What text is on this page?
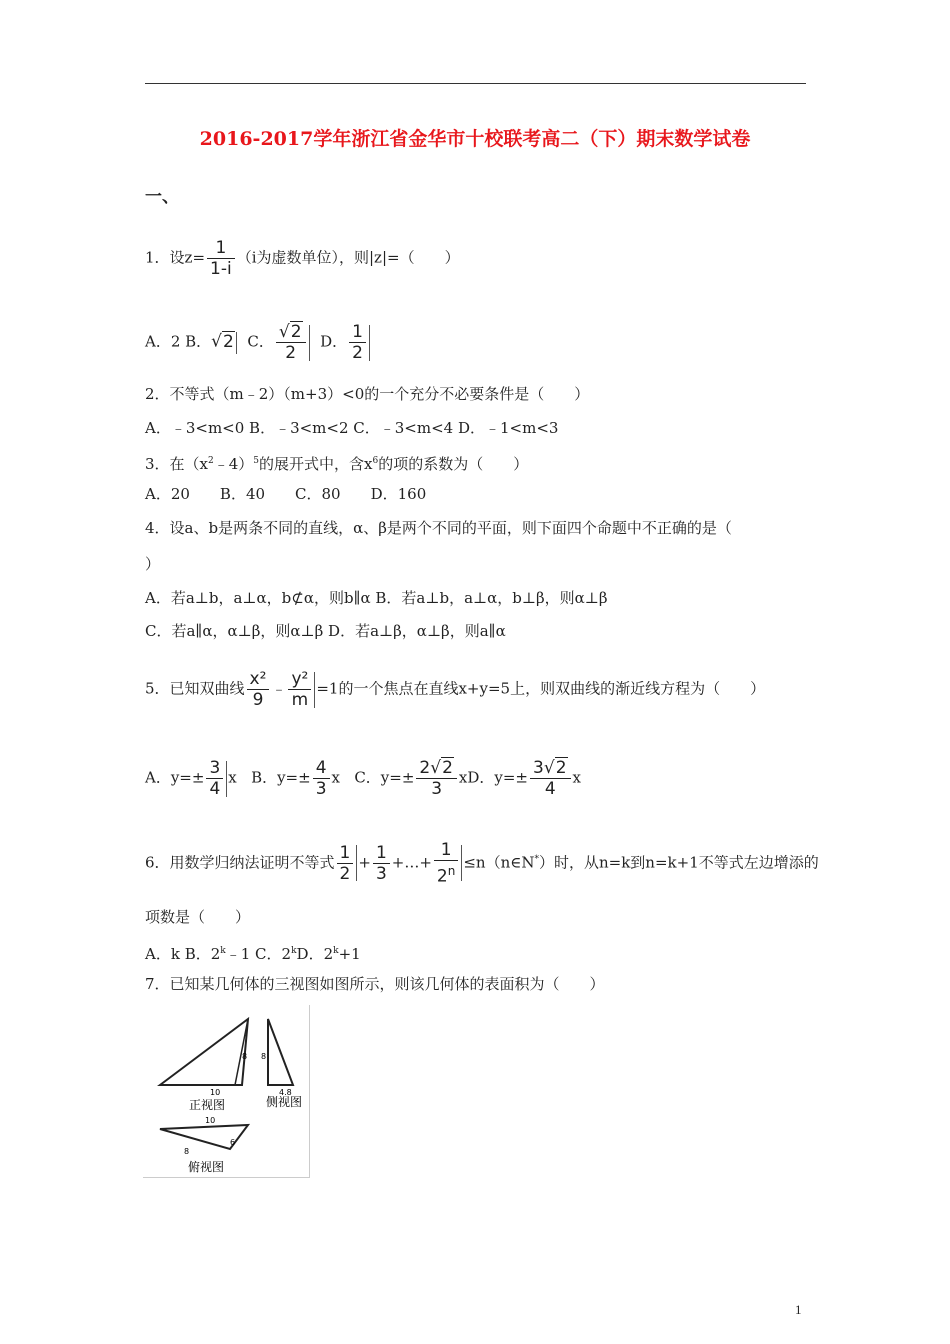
2016-2017学年浙江省金华市十校联考高二（下）期末数学试卷
一、
1．设$z= \frac{1}{1-i} (i$为虚数单位），则|z|=（　　）
A．2 B．√2 C． $\frac{√2}{2}$ D． $\frac{1}{2}$
2．不等式（m﹣2）（m+3）<0的一个充分不必要条件是（　　）
A．﹣3<m<0 B．﹣3<m<2 C．﹣3<m<4 D．﹣1<m<3
3．在$(x^2﹣4)^5$的展开式中，含$x^6$的项的系数为（　　）
A．20　　B．40　　C．80　　D．160
4．设a、b是两条不同的直线，α、β是两个不同的平面，则下面四个命题中不正确的是（
）
A．若a⊥b，a⊥α，b⊄α，则b∥α B．若a⊥b，a⊥α，b⊥β，则α⊥β
C．若a∥α，α⊥β，则α⊥β D．若a⊥β，α⊥β，则a∥α
5．已知双曲线 $\frac{\text{x²}}{9}$ ﹣ $\frac{\text{y²}}{m} =1$的一个焦点在直线x+y=5上，则双曲线的渐近线方程为（　　）
A．$y=\pm \frac{3}{4}$ x B．$y=\pm \frac{4}{3}$ x C．$y=\pm \frac{2√2}{3}$ xD．$y=\pm \frac{3√2}{4}$ x
6．用数学归纳法证明不等式 $\frac{1}{2} + \frac{1}{3}$ +…+ $\frac{1}{2^n}$ ≤n（n∈N*）时，从n=k到n=k+1不等式左边增添的
项数是（　　）
A．k B．2$^k$﹣1 C．2$^k$D．$2^k+1$
7．已知某几何体的三视图如图所示，则该几何体的表面积为（　　）
10
8
正视图
8
4.8
侧视图
10
8
6
俯视图
1
